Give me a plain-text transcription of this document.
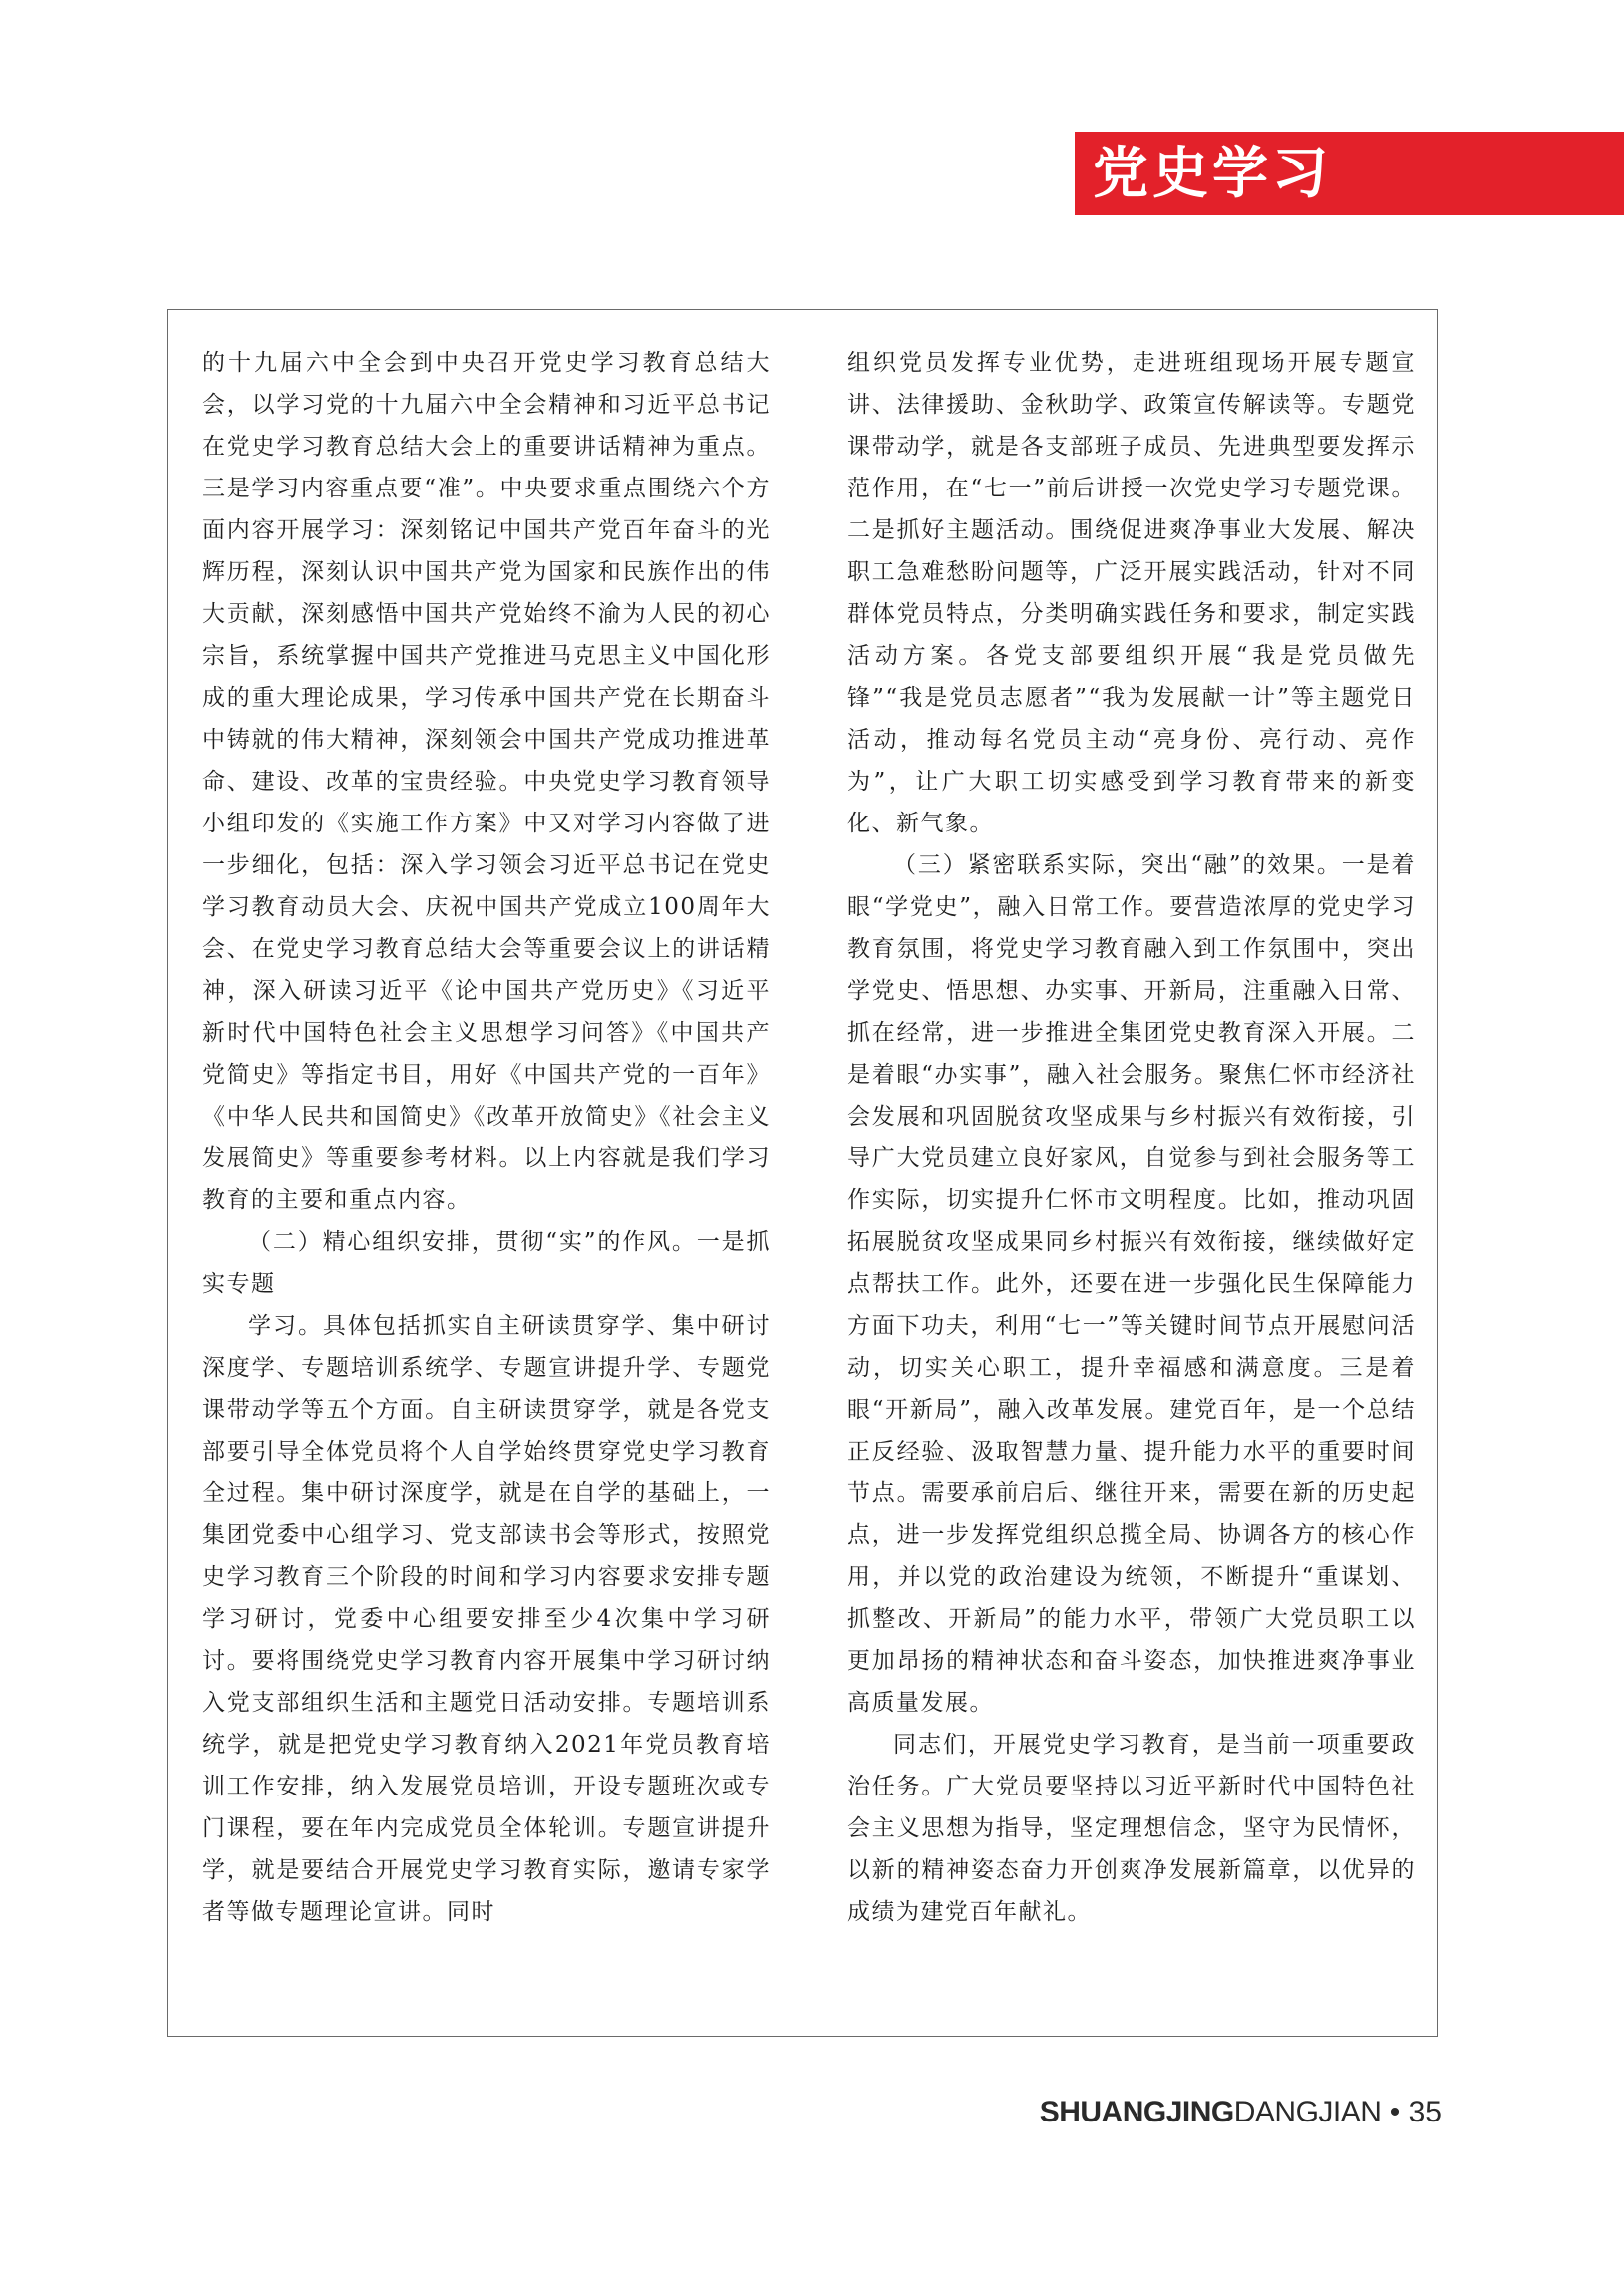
党史学习

的十九届六中全会到中央召开党史学习教育总结大会，以学习党的十九届六中全会精神和习近平总书记在党史学习教育总结大会上的重要讲话精神为重点。三是学习内容重点要“准”。中央要求重点围绕六个方面内容开展学习：深刻铭记中国共产党百年奋斗的光辉历程，深刻认识中国共产党为国家和民族作出的伟大贡献，深刻感悟中国共产党始终不渝为人民的初心宗旨，系统掌握中国共产党推进马克思主义中国化形成的重大理论成果，学习传承中国共产党在长期奋斗中铸就的伟大精神，深刻领会中国共产党成功推进革命、建设、改革的宝贵经验。中央党史学习教育领导小组印发的《实施工作方案》中又对学习内容做了进一步细化，包括：深入学习领会习近平总书记在党史学习教育动员大会、庆祝中国共产党成立100周年大会、在党史学习教育总结大会等重要会议上的讲话精神，深入研读习近平《论中国共产党历史》《习近平新时代中国特色社会主义思想学习问答》《中国共产党简史》等指定书目，用好《中国共产党的一百年》《中华人民共和国简史》《改革开放简史》《社会主义发展简史》等重要参考材料。以上内容就是我们学习教育的主要和重点内容。

（二）精心组织安排，贯彻“实”的作风。一是抓实专题

学习。具体包括抓实自主研读贯穿学、集中研讨深度学、专题培训系统学、专题宣讲提升学、专题党课带动学等五个方面。自主研读贯穿学，就是各党支部要引导全体党员将个人自学始终贯穿党史学习教育全过程。集中研讨深度学，就是在自学的基础上，一集团党委中心组学习、党支部读书会等形式，按照党史学习教育三个阶段的时间和学习内容要求安排专题学习研讨，党委中心组要安排至少4次集中学习研讨。要将围绕党史学习教育内容开展集中学习研讨纳入党支部组织生活和主题党日活动安排。专题培训系统学，就是把党史学习教育纳入2021年党员教育培训工作安排，纳入发展党员培训，开设专题班次或专门课程，要在年内完成党员全体轮训。专题宣讲提升学，就是要结合开展党史学习教育实际，邀请专家学者等做专题理论宣讲。同时

组织党员发挥专业优势，走进班组现场开展专题宣讲、法律援助、金秋助学、政策宣传解读等。专题党课带动学，就是各支部班子成员、先进典型要发挥示范作用，在“七一”前后讲授一次党史学习专题党课。二是抓好主题活动。围绕促进爽净事业大发展、解决职工急难愁盼问题等，广泛开展实践活动，针对不同群体党员特点，分类明确实践任务和要求，制定实践活动方案。各党支部要组织开展“我是党员做先锋”“我是党员志愿者”“我为发展献一计”等主题党日活动，推动每名党员主动“亮身份、亮行动、亮作为”，让广大职工切实感受到学习教育带来的新变化、新气象。

（三）紧密联系实际，突出“融”的效果。一是着眼“学党史”，融入日常工作。要营造浓厚的党史学习教育氛围，将党史学习教育融入到工作氛围中，突出学党史、悟思想、办实事、开新局，注重融入日常、抓在经常，进一步推进全集团党史教育深入开展。二是着眼“办实事”，融入社会服务。聚焦仁怀市经济社会发展和巩固脱贫攻坚成果与乡村振兴有效衔接，引导广大党员建立良好家风，自觉参与到社会服务等工作实际，切实提升仁怀市文明程度。比如，推动巩固拓展脱贫攻坚成果同乡村振兴有效衔接，继续做好定点帮扶工作。此外，还要在进一步强化民生保障能力方面下功夫，利用“七一”等关键时间节点开展慰问活动，切实关心职工，提升幸福感和满意度。三是着眼“开新局”，融入改革发展。建党百年，是一个总结正反经验、汲取智慧力量、提升能力水平的重要时间节点。需要承前启后、继往开来，需要在新的历史起点，进一步发挥党组织总揽全局、协调各方的核心作用，并以党的政治建设为统领，不断提升“重谋划、抓整改、开新局”的能力水平，带领广大党员职工以更加昂扬的精神状态和奋斗姿态，加快推进爽净事业高质量发展。

同志们，开展党史学习教育，是当前一项重要政治任务。广大党员要坚持以习近平新时代中国特色社会主义思想为指导，坚定理想信念，坚守为民情怀，以新的精神姿态奋力开创爽净发展新篇章，以优异的成绩为建党百年献礼。

SHUANGJINGDANGJIAN • 35
